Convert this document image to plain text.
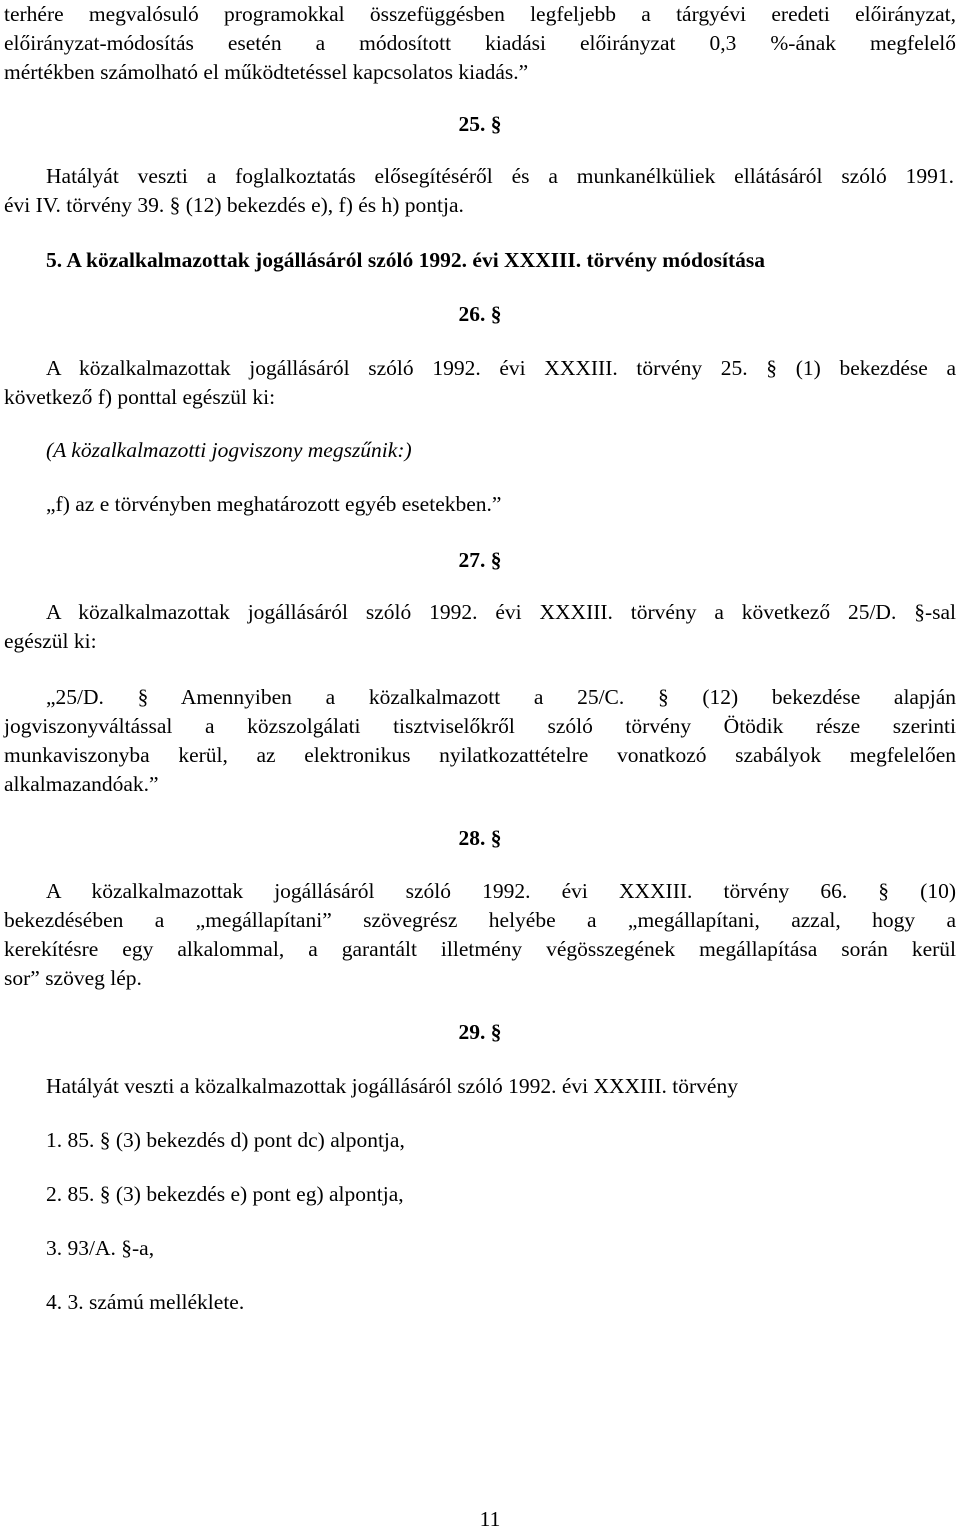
terhére megvalósuló programokkal összefüggésben legfeljebb a tárgyévi eredeti előirányzat,

előirányzat-módosítás esetén a módosított kiadási előirányzat 0,3 %-ának megfelelő

mértékben számolható el működtetéssel kapcsolatos kiadás.”

25. §

Hatályát veszti a foglalkoztatás elősegítéséről és a munkanélküliek ellátásáról szóló 1991.

évi IV. törvény 39. § (12) bekezdés e), f) és h) pontja.

5. A közalkalmazottak jogállásáról szóló 1992. évi XXXIII. törvény módosítása

26. §

A közalkalmazottak jogállásáról szóló 1992. évi XXXIII. törvény 25. § (1) bekezdése a

következő f) ponttal egészül ki:

(A közalkalmazotti jogviszony megszűnik:)

„f) az e törvényben meghatározott egyéb esetekben.”

27. §

A közalkalmazottak jogállásáról szóló 1992. évi XXXIII. törvény a következő 25/D. §-sal

egészül ki:

„25/D. § Amennyiben a közalkalmazott a 25/C. § (12) bekezdése alapján

jogviszonyváltással a közszolgálati tisztviselőkről szóló törvény Ötödik része szerinti

munkaviszonyba kerül, az elektronikus nyilatkozattételre vonatkozó szabályok megfelelően

alkalmazandóak.”

28. §

A közalkalmazottak jogállásáról szóló 1992. évi XXXIII. törvény 66. § (10)

bekezdésében a „megállapítani” szövegrész helyébe a „megállapítani, azzal, hogy a

kerekítésre egy alkalommal, a garantált illetmény végösszegének megállapítása során kerül

sor” szöveg lép.

29. §

Hatályát veszti a közalkalmazottak jogállásáról szóló 1992. évi XXXIII. törvény

1. 85. § (3) bekezdés d) pont dc) alpontja,

2. 85. § (3) bekezdés e) pont eg) alpontja,

3. 93/A. §-a,

4. 3. számú melléklete.

11
